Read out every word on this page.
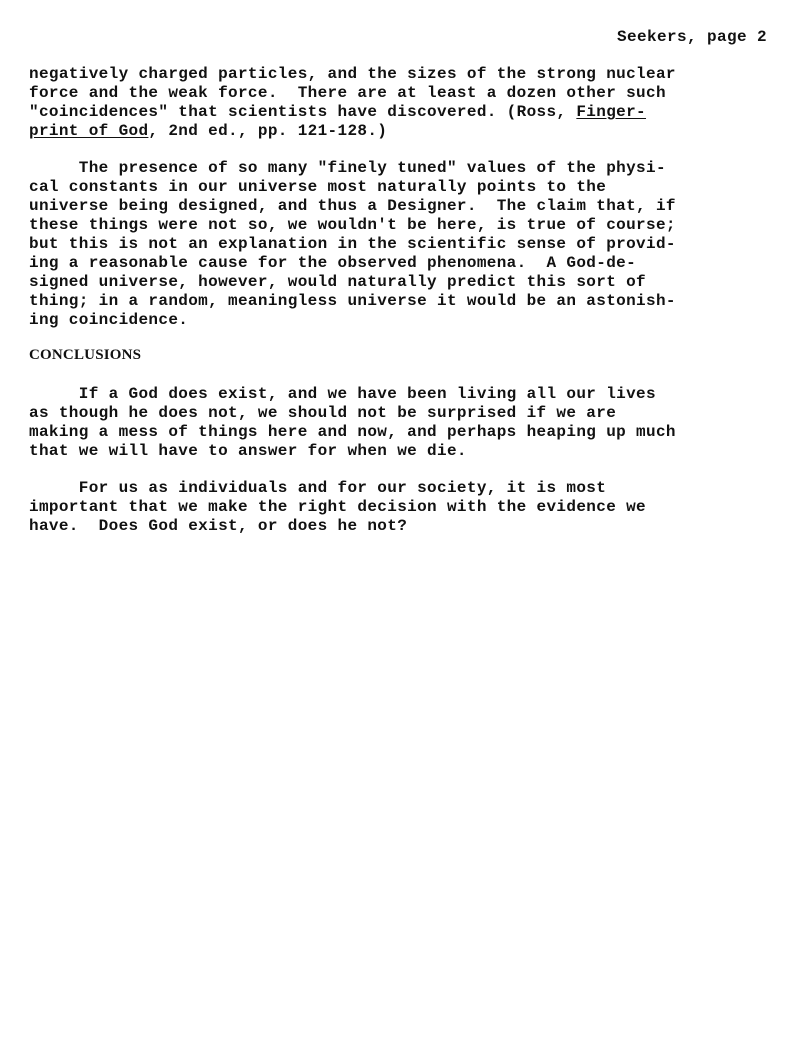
Seekers, page 2
negatively charged particles, and the sizes of the strong nuclear
force and the weak force.  There are at least a dozen other such
"coincidences" that scientists have discovered. (Ross, Finger-
print of God, 2nd ed., pp. 121-128.)
The presence of so many "finely tuned" values of the physi-
cal constants in our universe most naturally points to the
universe being designed, and thus a Designer.  The claim that, if
these things were not so, we wouldn't be here, is true of course;
but this is not an explanation in the scientific sense of provid-
ing a reasonable cause for the observed phenomena.  A God-de-
signed universe, however, would naturally predict this sort of
thing; in a random, meaningless universe it would be an astonish-
ing coincidence.
CONCLUSIONS
If a God does exist, and we have been living all our lives
as though he does not, we should not be surprised if we are
making a mess of things here and now, and perhaps heaping up much
that we will have to answer for when we die.
For us as individuals and for our society, it is most
important that we make the right decision with the evidence we
have.  Does God exist, or does he not?
